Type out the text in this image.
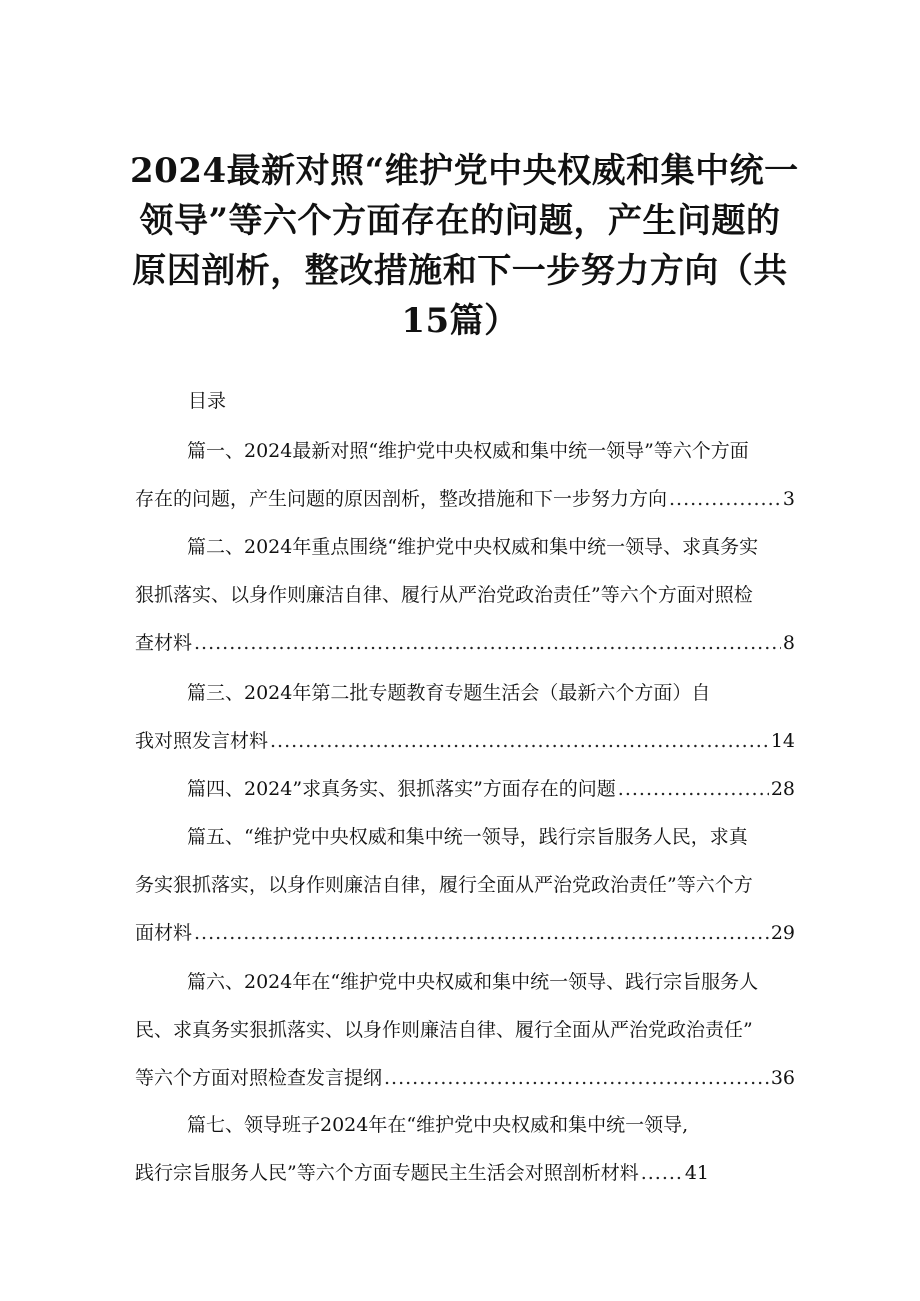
2024最新对照“维护党中央权威和集中统一
领导”等六个方面存在的问题，产生问题的
原因剖析，整改措施和下一步努力方向（共
15篇）
目录
篇一、2024最新对照“维护党中央权威和集中统一领导”等六个方面
存在的问题，产生问题的原因剖析，整改措施和下一步努力方向 .....	3
篇二、2024年重点围绕“维护党中央权威和集中统一领导、求真务实
狠抓落实、以身作则廉洁自律、履行从严治党政治责任”等六个方面对照检
查材料 .....	8
篇三、2024年第二批专题教育专题生活会（最新六个方面）自
我对照发言材料 .....	14
篇四、2024”求真务实、狠抓落实”方面存在的问题 .....	28
篇五、“维护党中央权威和集中统一领导，践行宗旨服务人民，求真
务实狠抓落实，以身作则廉洁自律，履行全面从严治党政治责任”等六个方
面材料 .....	29
篇六、2024年在“维护党中央权威和集中统一领导、践行宗旨服务人
民、求真务实狠抓落实、以身作则廉洁自律、履行全面从严治党政治责任”
等六个方面对照检查发言提纲 .....	36
篇七、领导班子2024年在“维护党中央权威和集中统一领导,
践行宗旨服务人民”等六个方面专题民主生活会对照剖析材料 ..... 41
